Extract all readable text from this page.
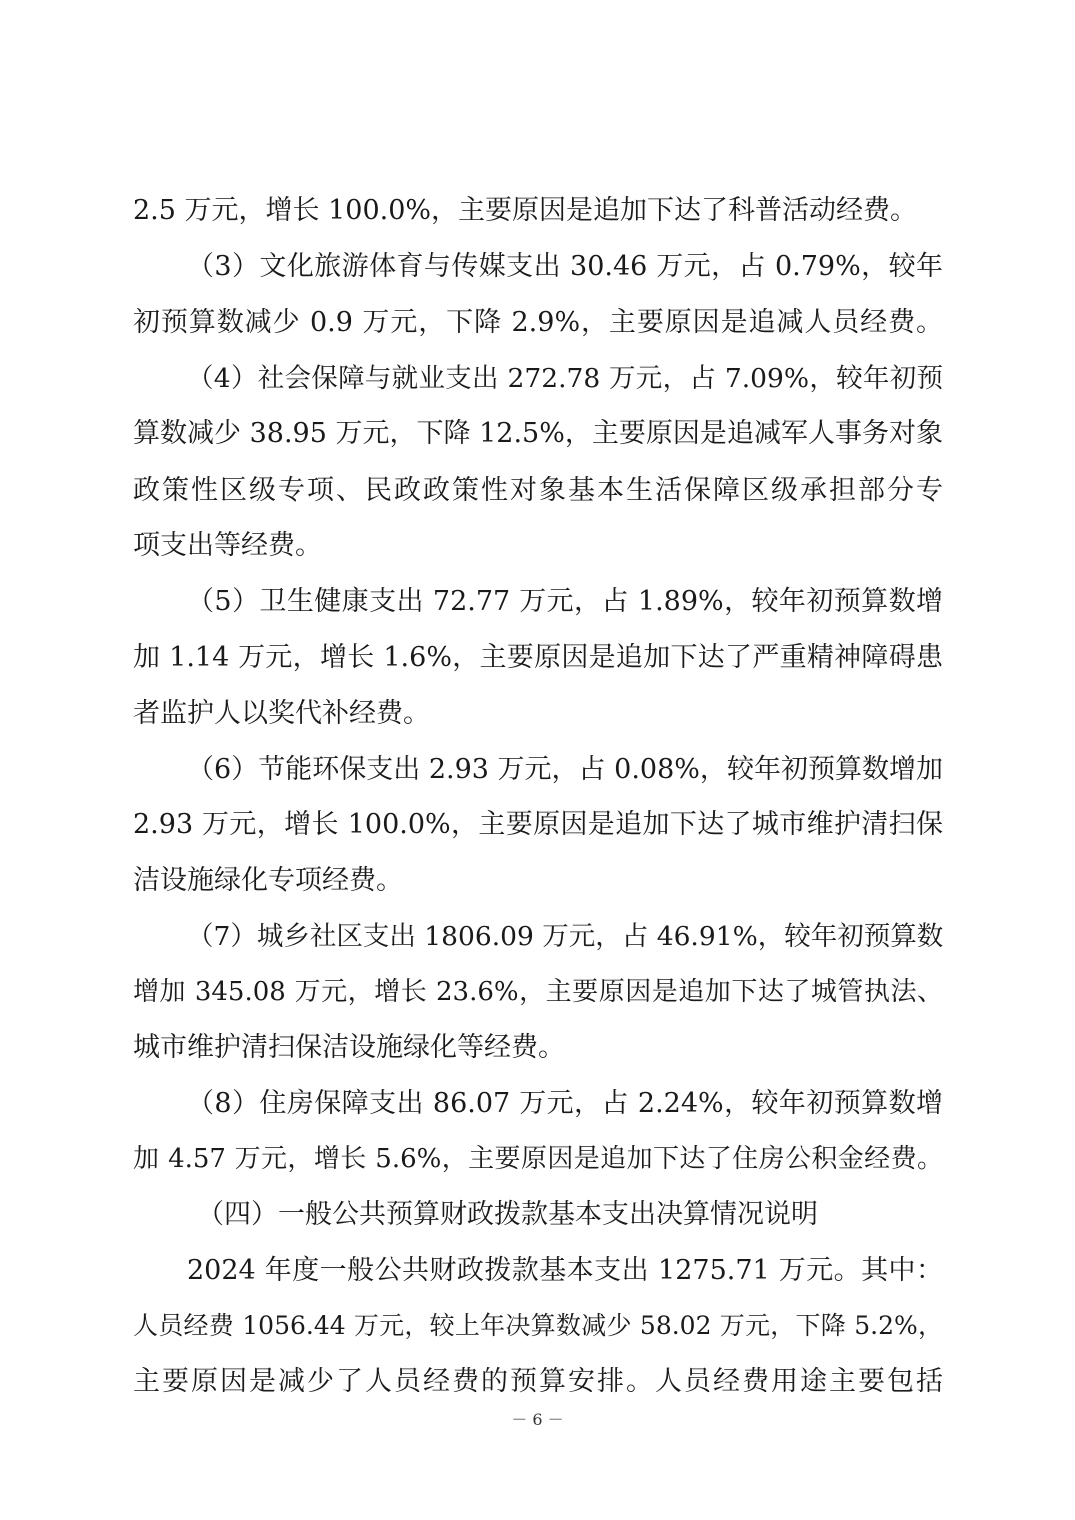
2.5 万元，增长 100.0%，主要原因是追加下达了科普活动经费。
（3）文化旅游体育与传媒支出 30.46 万元，占 0.79%，较年
初预算数减少 0.9 万元，下降 2.9%，主要原因是追减人员经费。
（4）社会保障与就业支出 272.78 万元，占 7.09%，较年初预
算数减少 38.95 万元，下降 12.5%，主要原因是追减军人事务对象
政策性区级专项、民政政策性对象基本生活保障区级承担部分专
项支出等经费。
（5）卫生健康支出 72.77 万元，占 1.89%，较年初预算数增
加 1.14 万元，增长 1.6%，主要原因是追加下达了严重精神障碍患
者监护人以奖代补经费。
（6）节能环保支出 2.93 万元，占 0.08%，较年初预算数增加
2.93 万元，增长 100.0%，主要原因是追加下达了城市维护清扫保
洁设施绿化专项经费。
（7）城乡社区支出 1806.09 万元，占 46.91%，较年初预算数
增加 345.08 万元，增长 23.6%，主要原因是追加下达了城管执法、
城市维护清扫保洁设施绿化等经费。
（8）住房保障支出 86.07 万元，占 2.24%，较年初预算数增
加 4.57 万元，增长 5.6%，主要原因是追加下达了住房公积金经费。
（四）一般公共预算财政拨款基本支出决算情况说明
2024 年度一般公共财政拨款基本支出 1275.71 万元。其中：
人员经费 1056.44 万元，较上年决算数减少 58.02 万元，下降 5.2%，
主要原因是减少了人员经费的预算安排。人员经费用途主要包括
－ 6 －
